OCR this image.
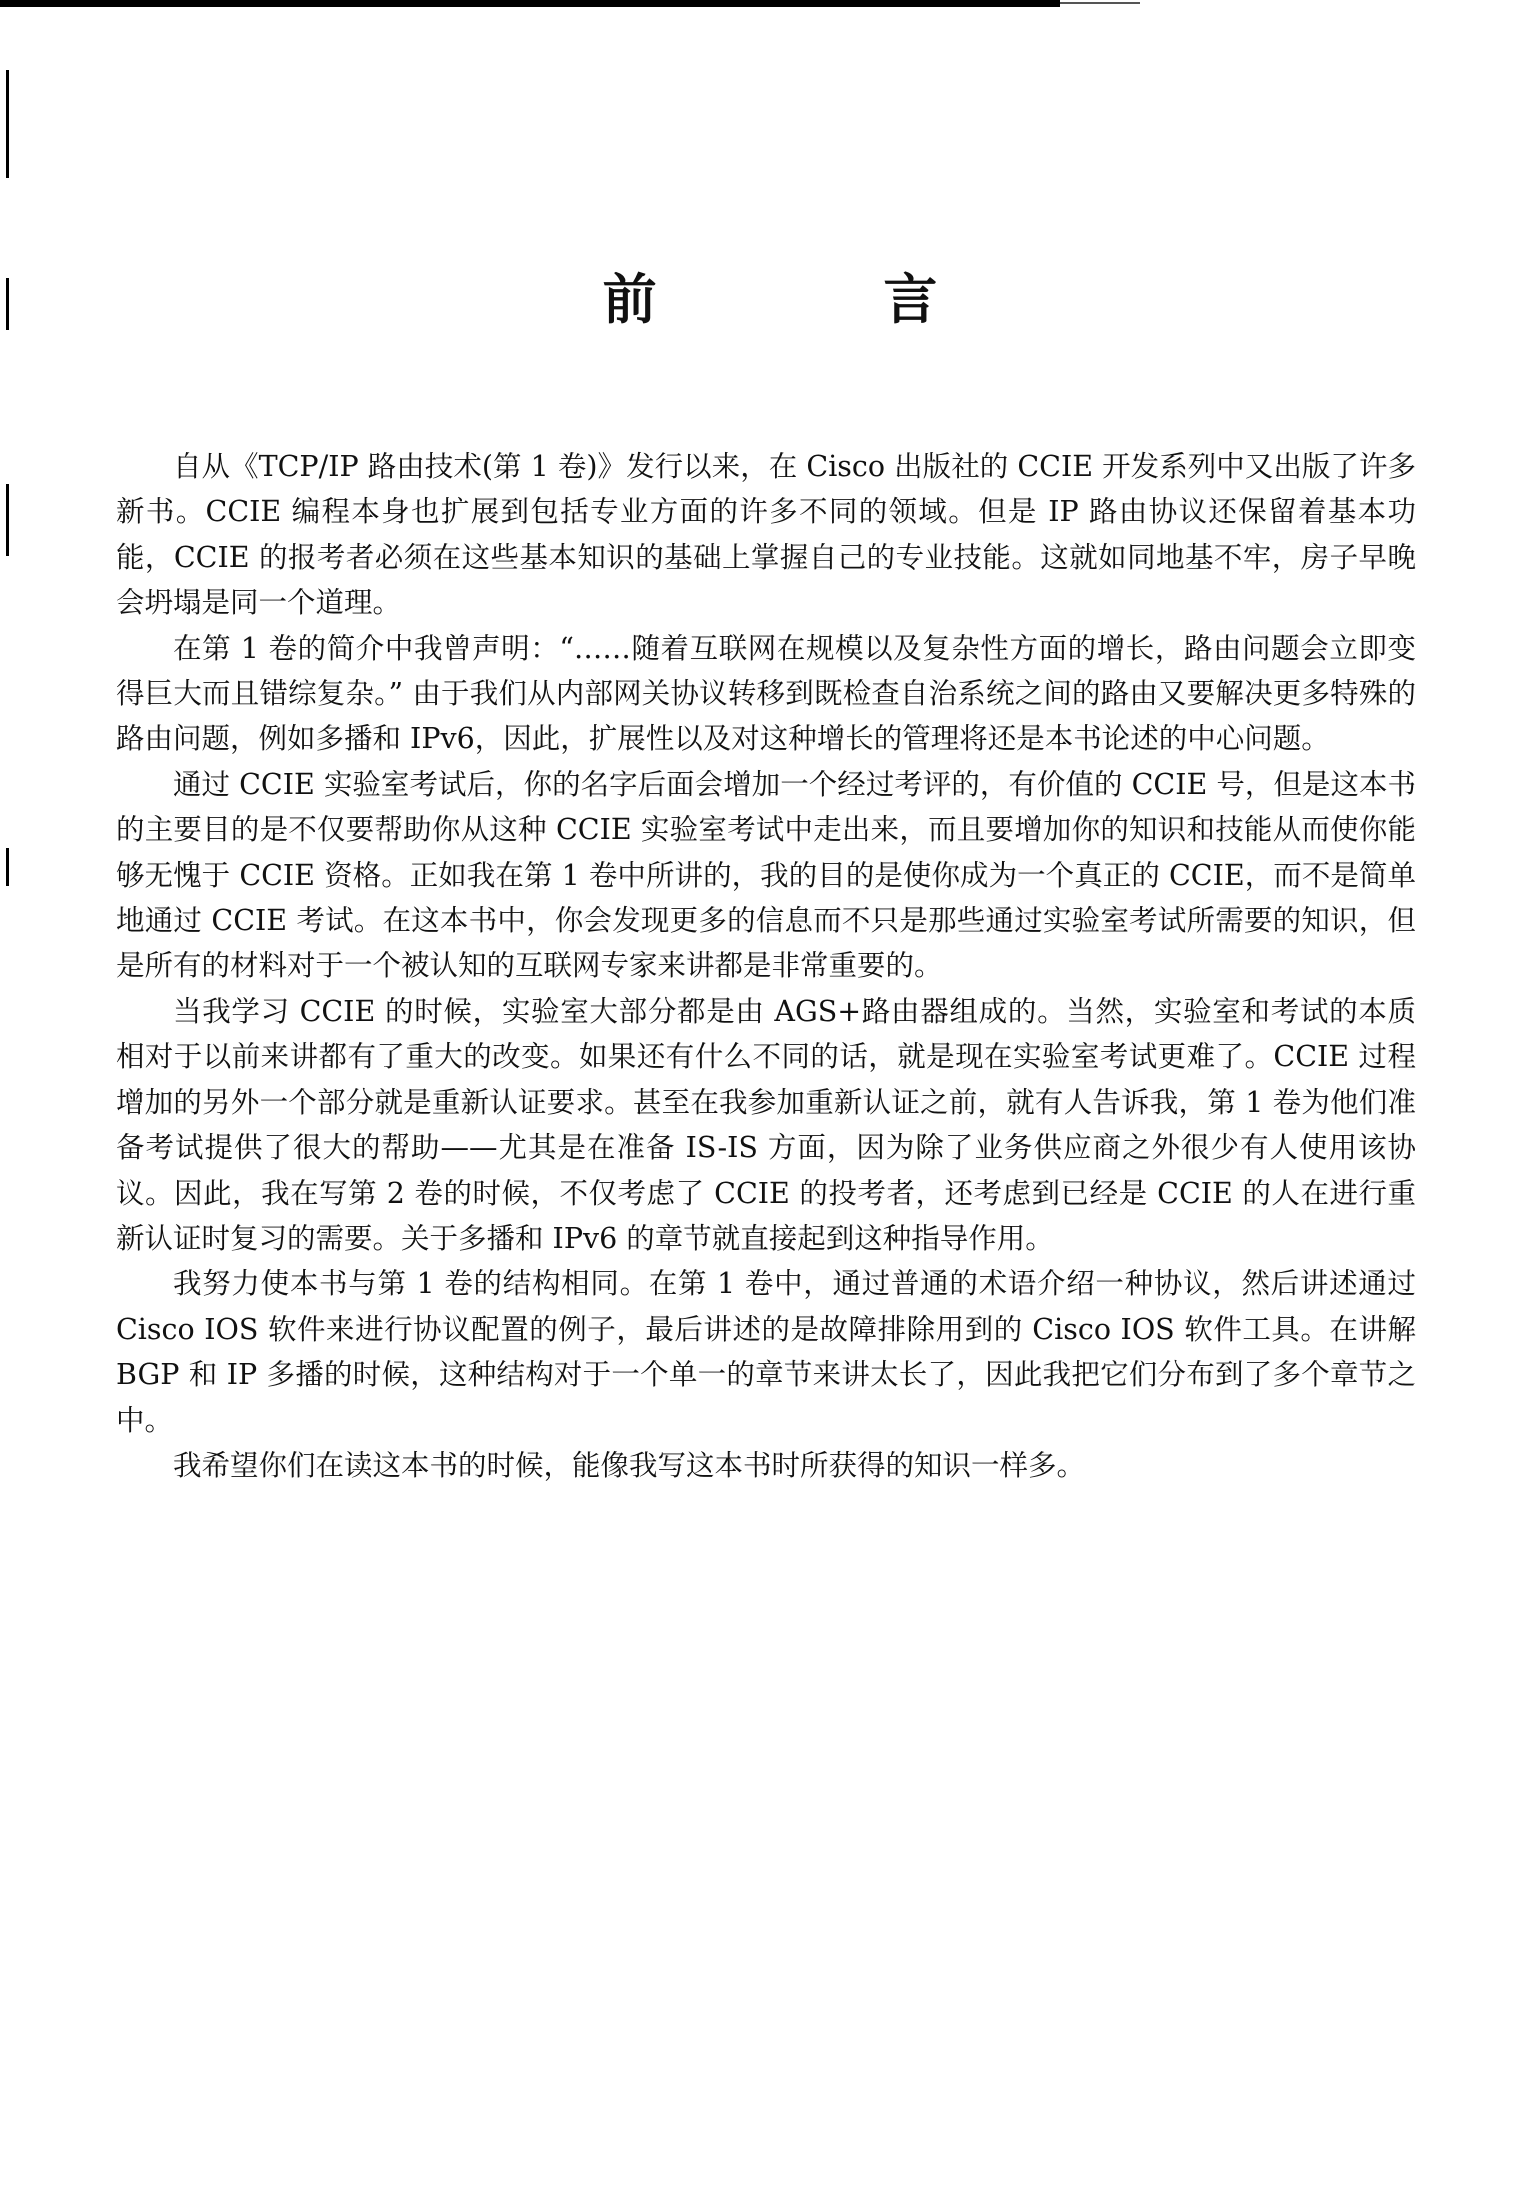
前 言

自从《TCP/IP 路由技术(第 1 卷)》发行以来，在 Cisco 出版社的 CCIE 开发系列中又出版了许多新书。CCIE 编程本身也扩展到包括专业方面的许多不同的领域。但是 IP 路由协议还保留着基本功能，CCIE 的报考者必须在这些基本知识的基础上掌握自己的专业技能。这就如同地基不牢，房子早晚会坍塌是同一个道理。

在第 1 卷的简介中我曾声明：“……随着互联网在规模以及复杂性方面的增长，路由问题会立即变得巨大而且错综复杂。” 由于我们从内部网关协议转移到既检查自治系统之间的路由又要解决更多特殊的路由问题，例如多播和 IPv6，因此，扩展性以及对这种增长的管理将还是本书论述的中心问题。

通过 CCIE 实验室考试后，你的名字后面会增加一个经过考评的，有价值的 CCIE 号，但是这本书的主要目的是不仅要帮助你从这种 CCIE 实验室考试中走出来，而且要增加你的知识和技能从而使你能够无愧于 CCIE 资格。正如我在第 1 卷中所讲的，我的目的是使你成为一个真正的 CCIE，而不是简单地通过 CCIE 考试。在这本书中，你会发现更多的信息而不只是那些通过实验室考试所需要的知识，但是所有的材料对于一个被认知的互联网专家来讲都是非常重要的。

当我学习 CCIE 的时候，实验室大部分都是由 AGS+路由器组成的。当然，实验室和考试的本质相对于以前来讲都有了重大的改变。如果还有什么不同的话，就是现在实验室考试更难了。CCIE 过程增加的另外一个部分就是重新认证要求。甚至在我参加重新认证之前，就有人告诉我，第 1 卷为他们准备考试提供了很大的帮助——尤其是在准备 IS-IS 方面，因为除了业务供应商之外很少有人使用该协议。因此，我在写第 2 卷的时候，不仅考虑了 CCIE 的投考者，还考虑到已经是 CCIE 的人在进行重新认证时复习的需要。关于多播和 IPv6 的章节就直接起到这种指导作用。

我努力使本书与第 1 卷的结构相同。在第 1 卷中，通过普通的术语介绍一种协议，然后讲述通过 Cisco IOS 软件来进行协议配置的例子，最后讲述的是故障排除用到的 Cisco IOS 软件工具。在讲解 BGP 和 IP 多播的时候，这种结构对于一个单一的章节来讲太长了，因此我把它们分布到了多个章节之中。

我希望你们在读这本书的时候，能像我写这本书时所获得的知识一样多。
